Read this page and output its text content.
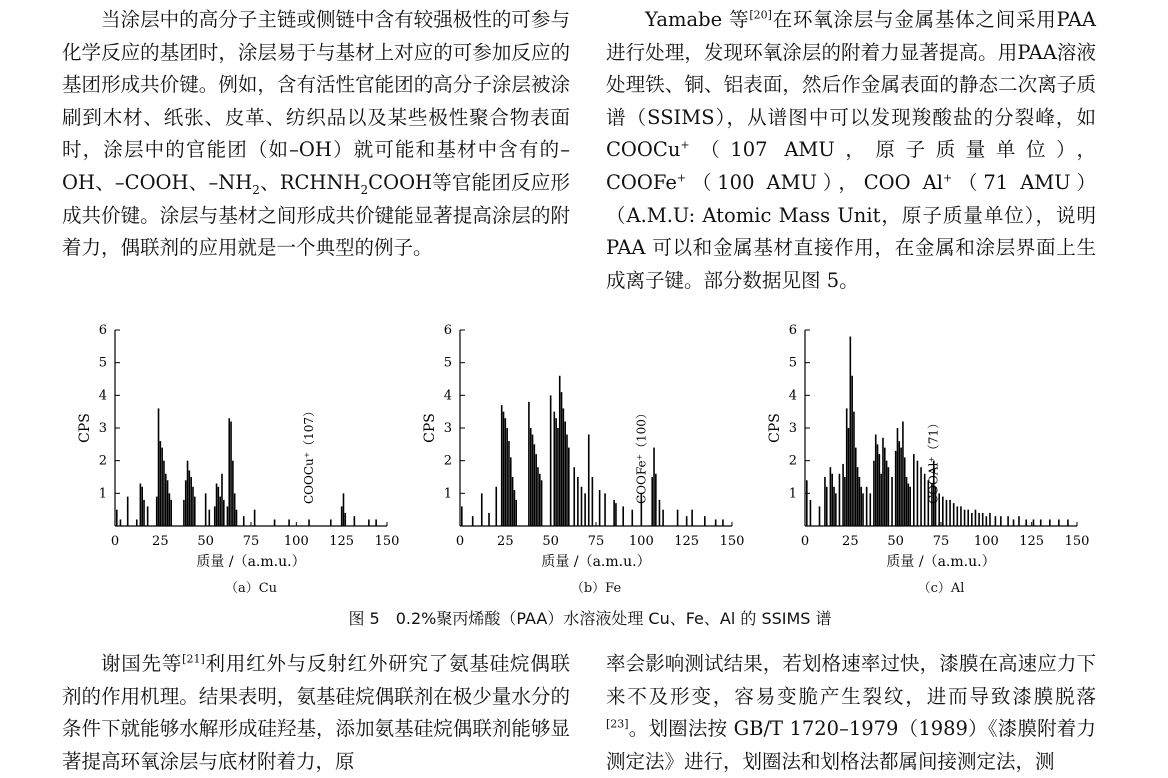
当涂层中的高分子主链或侧链中含有较强极性的可参与化学反应的基团时，涂层易于与基材上对应的可参加反应的基团形成共价键。例如，含有活性官能团的高分子涂层被涂刷到木材、纸张、皮革、纺织品以及某些极性聚合物表面时，涂层中的官能团（如–OH）就可能和基材中含有的–OH、–COOH、$-NH_2$、$RCHNH_2COOH$等官能团反应形成共价键。涂层与基材之间形成共价键能显著提高涂层的附着力，偶联剂的应用就是一个典型的例子。

Yamabe 等[20]在环氧涂层与金属基体之间采用PAA进行处理，发现环氧涂层的附着力显著提高。用PAA溶液处理铁、铜、铝表面，然后作金属表面的静态二次离子质谱（SSIMS），从谱图中可以发现羧酸盐的分裂峰，如 COOCu+（107 AMU，原子质量单位），COOFe+（100 AMU），COO Al+（71 AMU）（A.M.U: Atomic Mass Unit，原子质量单位），说明 PAA 可以和金属基材直接作用，在金属和涂层界面上生成离子键。部分数据见图 5。

1
2
3
4
5
6
0	25 50 75 100 125 150
CPS
质量 /（a.m.u.）
COOCu⁺（107）	1
2
3
4
5
6
0	25 50 75 100 125 150
CPS
质量 /（a.m.u.）
COOFe⁺（100）	1
2
3
4
5
6
0	25 50 75 100 125 150
CPS
质量 /（a.m.u.）
COOAl⁺（71）
图 5　0.2%聚丙烯酸（PAA）水溶液处理 Cu、Fe、Al 的 SSIMS 谱
（a）Cu	（b）Fe	（c）Al

谢国先等[21]利用红外与反射红外研究了氨基硅烷偶联剂的作用机理。结果表明，氨基硅烷偶联剂在极少量水分的条件下就能够水解形成硅羟基，添加氨基硅烷偶联剂能够显著提高环氧涂层与底材附着力，原

率会影响测试结果，若划格速率过快，漆膜在高速应力下来不及形变，容易变脆产生裂纹，进而导致漆膜脱落[23]。划圈法按 GB/T 1720–1979（1989）《漆膜附着力测定法》进行，划圈法和划格法都属间接测定法，测
